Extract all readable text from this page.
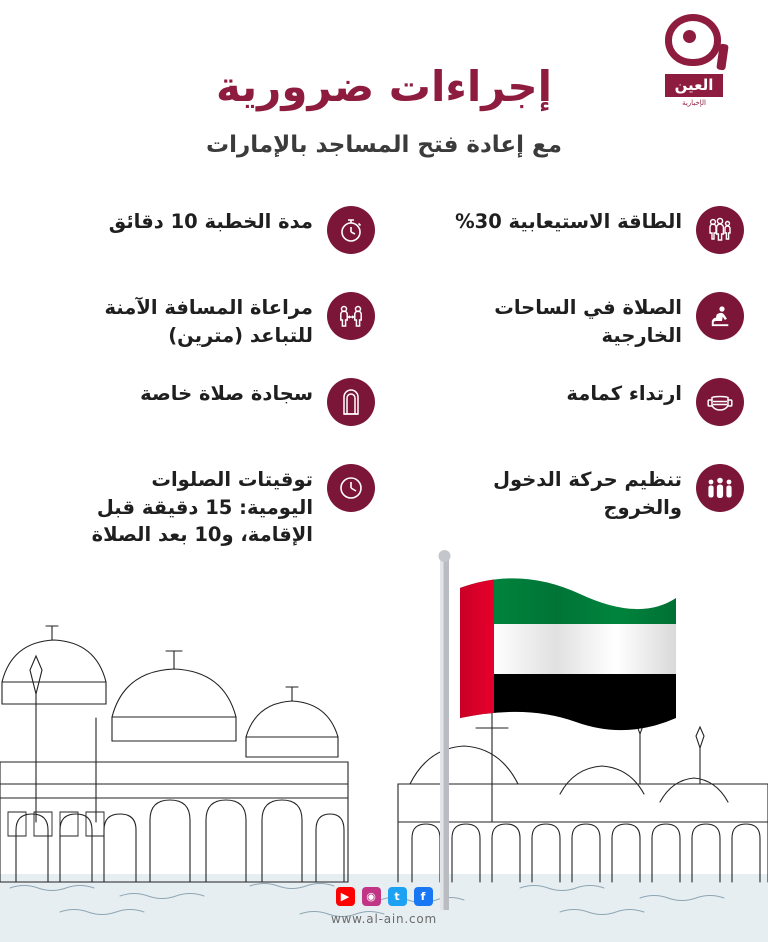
العين
الإخبارية
إجراءات ضرورية
مع إعادة فتح المساجد بالإمارات
الطاقة الاستيعابية 30%
مدة الخطبة 10 دقائق
الصلاة في الساحات الخارجية
مراعاة المسافة الآمنة للتباعد (مترين)
ارتداء كمامة
سجادة صلاة خاصة
تنظيم حركة الدخول والخروج
توقيتات الصلوات اليومية: 15 دقيقة قبل الإقامة، و10 بعد الصلاة
▶	◉	t	f
www.al-ain.com
